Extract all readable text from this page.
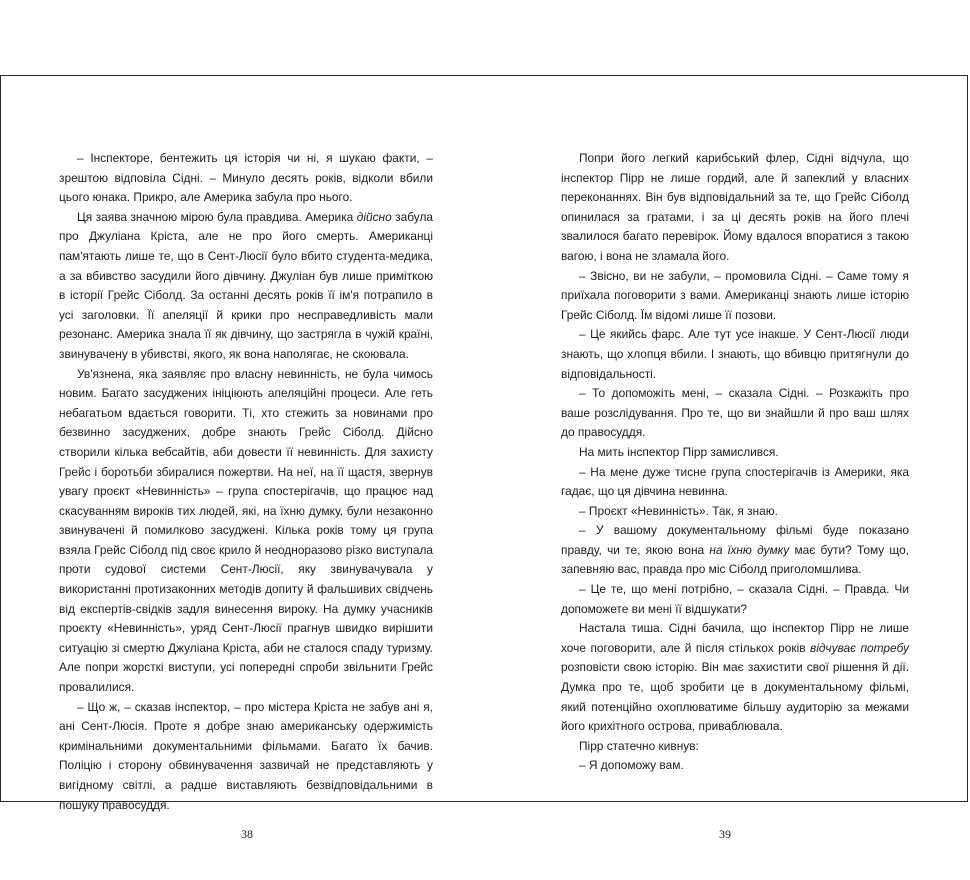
– Інспекторе, бентежить ця історія чи ні, я шукаю факти, – зрештою відповіла Сідні. – Минуло десять років, відколи вбили цього юнака. Прикро, але Америка забула про нього.

Ця заява значною мірою була правдива. Америка дійсно забула про Джуліана Кріста, але не про його смерть. Американці пам'ятають лише те, що в Сент-Люсії було вбито студента-медика, а за вбивство засудили його дівчину. Джуліан був лише приміткою в історії Грейс Сіболд. За останні десять років її ім'я потрапило в усі заголовки. Її апеляції й крики про несправедливість мали резонанс. Америка знала її як дівчину, що застрягла в чужій країні, звинувачену в убивстві, якого, як вона наполягає, не скоювала.

Ув'язнена, яка заявляє про власну невинність, не була чимось новим. Багато засуджених ініціюють апеляційні процеси. Але геть небагатьом вдається говорити. Ті, хто стежить за новинами про безвинно засуджених, добре знають Грейс Сіболд. Дійсно створили кілька вебсайтів, аби довести її невинність. Для захисту Грейс і боротьби збиралися пожертви. На неї, на її щастя, звернув увагу проєкт «Невинність» – група спостерігачів, що працює над скасуванням вироків тих людей, які, на їхню думку, були незаконно звинувачені й помилково засуджені. Кілька років тому ця група взяла Грейс Сіболд під своє крило й неодноразово різко виступала проти судової системи Сент-Люсії, яку звинувачувала у використанні протизаконних методів допиту й фальшивих свідчень від експертів-свідків задля винесення вироку. На думку учасників проєкту «Невинність», уряд Сент-Люсії прагнув швидко вирішити ситуацію зі смертю Джуліана Кріста, аби не сталося спаду туризму. Але попри жорсткі виступи, усі попередні спроби звільнити Грейс провалилися.

– Що ж, – сказав інспектор, – про містера Кріста не забув ані я, ані Сент-Люсія. Проте я добре знаю американську одержимість кримінальними документальними фільмами. Багато їх бачив. Поліцію і сторону обвинувачення зазвичай не представляють у вигідному світлі, а радше виставляють безвідповідальними в пошуку правосуддя.

Попри його легкий карибський флер, Сідні відчула, що інспектор Пірр не лише гордий, але й запеклий у власних переконаннях. Він був відповідальний за те, що Грейс Сіболд опинилася за гратами, і за ці десять років на його плечі звалилося багато перевірок. Йому вдалося впоратися з такою вагою, і вона не зламала його.

– Звісно, ви не забули, – промовила Сідні. – Саме тому я приїхала поговорити з вами. Американці знають лише історію Грейс Сіболд. Їм відомі лише її позови.

– Це якийсь фарс. Але тут усе інакше. У Сент-Люсії люди знають, що хлопця вбили. І знають, що вбивцю притягнули до відповідальності.

– То допоможіть мені, – сказала Сідні. – Розкажіть про ваше розслідування. Про те, що ви знайшли й про ваш шлях до правосуддя.

На мить інспектор Пірр замислився.

– На мене дуже тисне група спостерігачів із Америки, яка гадає, що ця дівчина невинна.

– Проєкт «Невинність». Так, я знаю.

– У вашому документальному фільмі буде показано правду, чи те, якою вона на їхню думку має бути? Тому що, запевняю вас, правда про міс Сіболд приголомшлива.

– Це те, що мені потрібно, – сказала Сідні. – Правда. Чи допоможете ви мені її відшукати?

Настала тиша. Сідні бачила, що інспектор Пірр не лише хоче поговорити, але й після стількох років відчуває потребу розповісти свою історію. Він має захистити свої рішення й дії. Думка про те, щоб зробити це в документальному фільмі, який потенційно охоплюватиме більшу аудиторію за межами його крихітного острова, приваблювала.

Пірр статечно кивнув:

– Я допоможу вам.

38	39
